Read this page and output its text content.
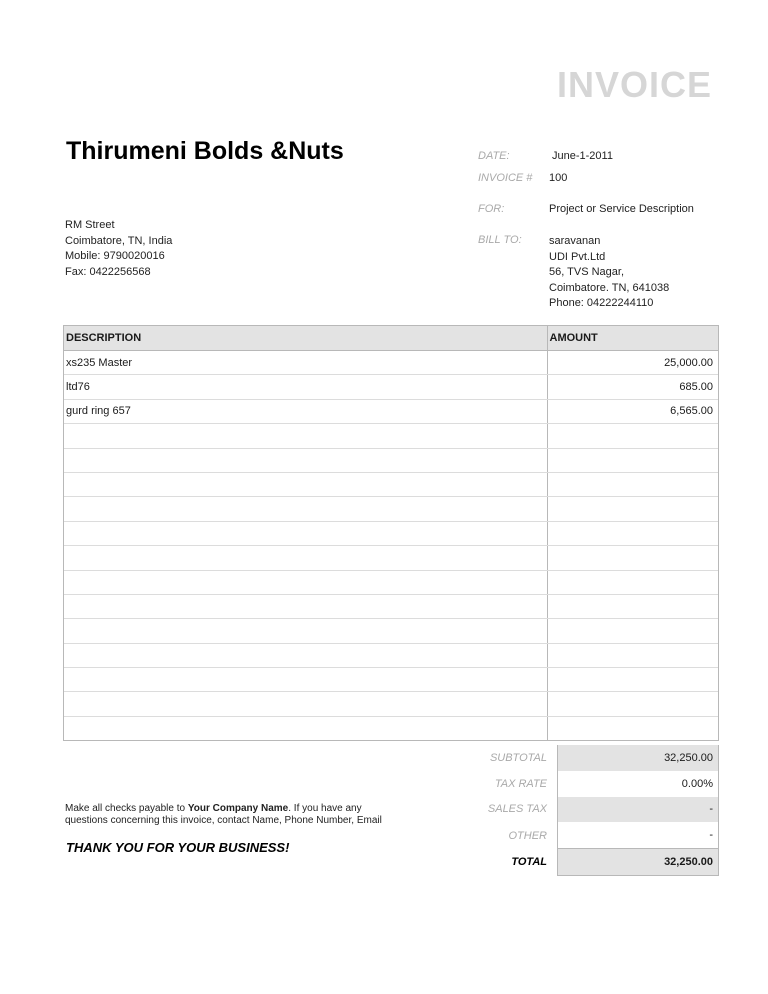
INVOICE
Thirumeni Bolds &Nuts
RM Street
Coimbatore, TN, India
Mobile: 9790020016
Fax: 0422256568
DATE:	June-1-2011
INVOICE # 100
FOR:	Project or Service Description
BILL TO: saravanan
UDI Pvt.Ltd
56, TVS Nagar,
Coimbatore. TN, 641038
Phone: 04222244110
DESCRIPTION	AMOUNT
xs235 Master	25,000.00
ltd76	685.00
gurd ring 657	6,565.00

SUBTOTAL	32,250.00
TAX RATE	0.00%
SALES TAX	-
OTHER	-
TOTAL	32,250.00
Make all checks payable to Your Company Name. If you have any questions concerning this invoice, contact Name, Phone Number, Email
THANK YOU FOR YOUR BUSINESS!
